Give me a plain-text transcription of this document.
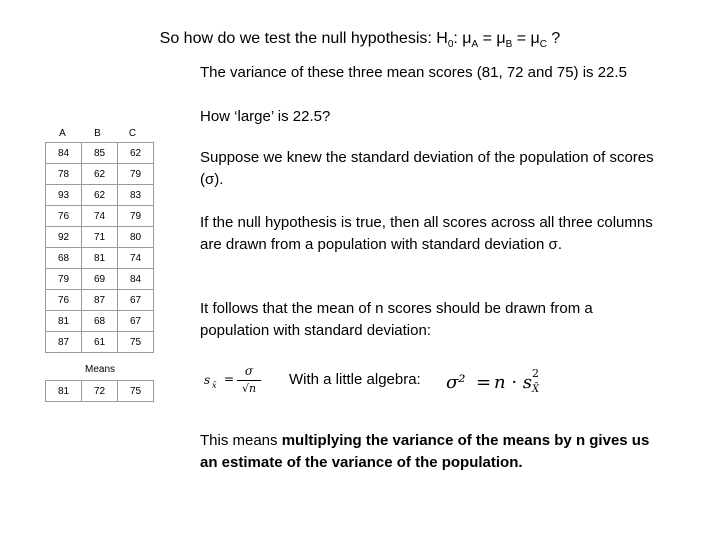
So how do we test the null hypothesis: $H_0$: $\mu_A = \mu_B = \mu_C$ ?
The variance of these three mean scores (81, 72 and 75) is 22.5
How ‘large’ is 22.5?
A	B	C
84	85	62
78	62	79
93	62	83
76	74	79
92	71	80
68	81	74
79	69	84
76	87	67
81	68	67
87	61	75
Means
81	72	75
Suppose we knew the standard deviation of the population of scores (σ).
If the null hypothesis is true, then all scores across all three columns are drawn from a population with standard deviation σ.
It follows that the mean of n scores should be drawn from a population with standard deviation:
s x̄ =
σ
√n
With a little algebra: σ² = n · s 2
X̄
This means multiplying the variance of the means by n gives us an estimate of the variance of the population.
